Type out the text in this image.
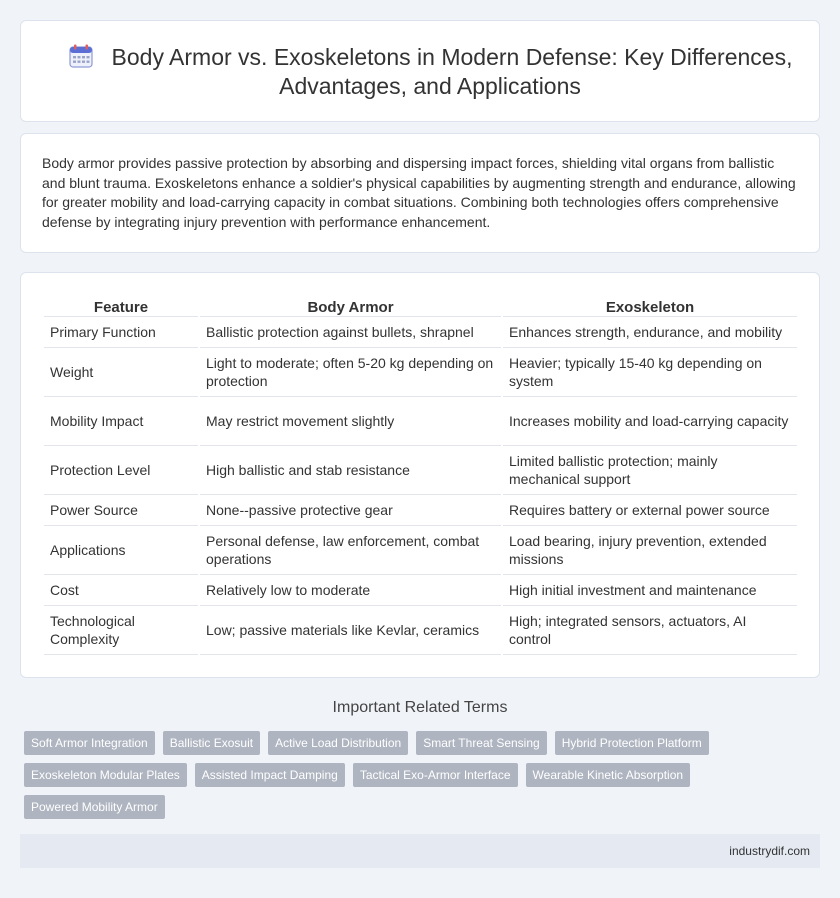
Body Armor vs. Exoskeletons in Modern Defense: Key Differences, Advantages, and Applications

Body armor provides passive protection by absorbing and dispersing impact forces, shielding vital organs from ballistic and blunt trauma. Exoskeletons enhance a soldier's physical capabilities by augmenting strength and endurance, allowing for greater mobility and load-carrying capacity in combat situations. Combining both technologies offers comprehensive defense by integrating injury prevention with performance enhancement.

Feature	Body Armor	Exoskeleton
Primary Function	Ballistic protection against bullets, shrapnel	Enhances strength, endurance, and mobility
Weight	Light to moderate; often 5-20 kg depending on protection	Heavier; typically 15-40 kg depending on system
Mobility Impact	May restrict movement slightly	Increases mobility and load-carrying capacity
Protection Level	High ballistic and stab resistance	Limited ballistic protection; mainly mechanical support
Power Source	None--passive protective gear	Requires battery or external power source
Applications	Personal defense, law enforcement, combat operations	Load bearing, injury prevention, extended missions
Cost	Relatively low to moderate	High initial investment and maintenance
Technological Complexity	Low; passive materials like Kevlar, ceramics	High; integrated sensors, actuators, AI control
Important Related Terms
Soft Armor Integration	Ballistic Exosuit	Active Load Distribution	Smart Threat Sensing	Hybrid Protection Platform
Exoskeleton Modular Plates	Assisted Impact Damping	Tactical Exo-Armor Interface	Wearable Kinetic Absorption
Powered Mobility Armor
industrydif.com
